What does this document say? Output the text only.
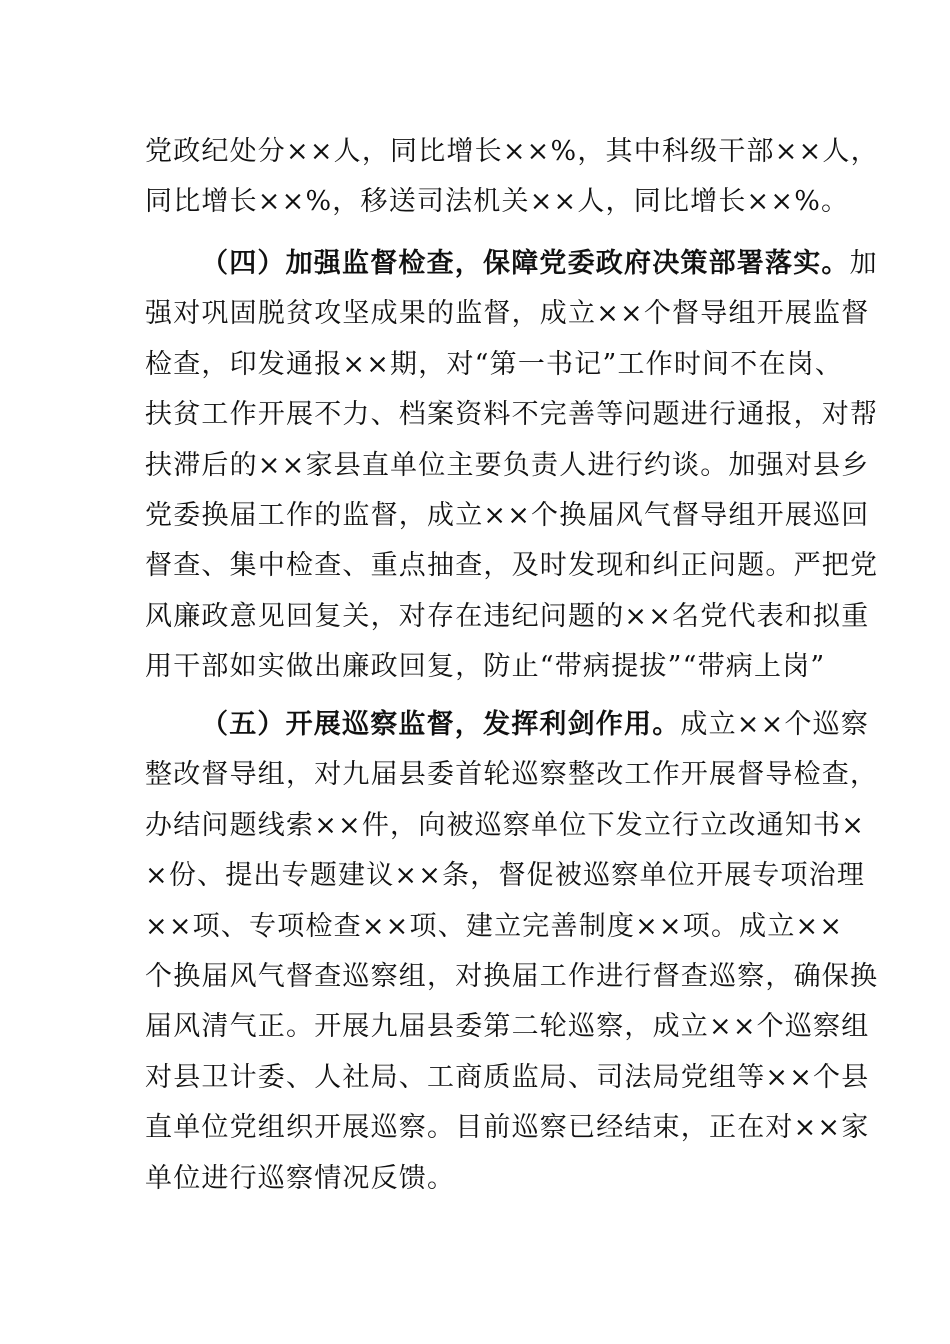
党政纪处分××人，同比增长××%，其中科级干部××人，
同比增长××%，移送司法机关××人，同比增长××%。
（四）加强监督检查，保障党委政府决策部署落实。加
强对巩固脱贫攻坚成果的监督，成立××个督导组开展监督
检查，印发通报××期，对“第一书记”工作时间不在岗、
扶贫工作开展不力、档案资料不完善等问题进行通报，对帮
扶滞后的××家县直单位主要负责人进行约谈。加强对县乡
党委换届工作的监督，成立××个换届风气督导组开展巡回
督查、集中检查、重点抽查，及时发现和纠正问题。严把党
风廉政意见回复关，对存在违纪问题的××名党代表和拟重
用干部如实做出廉政回复，防止“带病提拔”“带病上岗”
（五）开展巡察监督，发挥利剑作用。成立××个巡察
整改督导组，对九届县委首轮巡察整改工作开展督导检查，
办结问题线索××件，向被巡察单位下发立行立改通知书×
×份、提出专题建议××条，督促被巡察单位开展专项治理
××项、专项检查××项、建立完善制度××项。成立××
个换届风气督查巡察组，对换届工作进行督查巡察，确保换
届风清气正。开展九届县委第二轮巡察，成立××个巡察组
对县卫计委、人社局、工商质监局、司法局党组等××个县
直单位党组织开展巡察。目前巡察已经结束，正在对××家
单位进行巡察情况反馈。
